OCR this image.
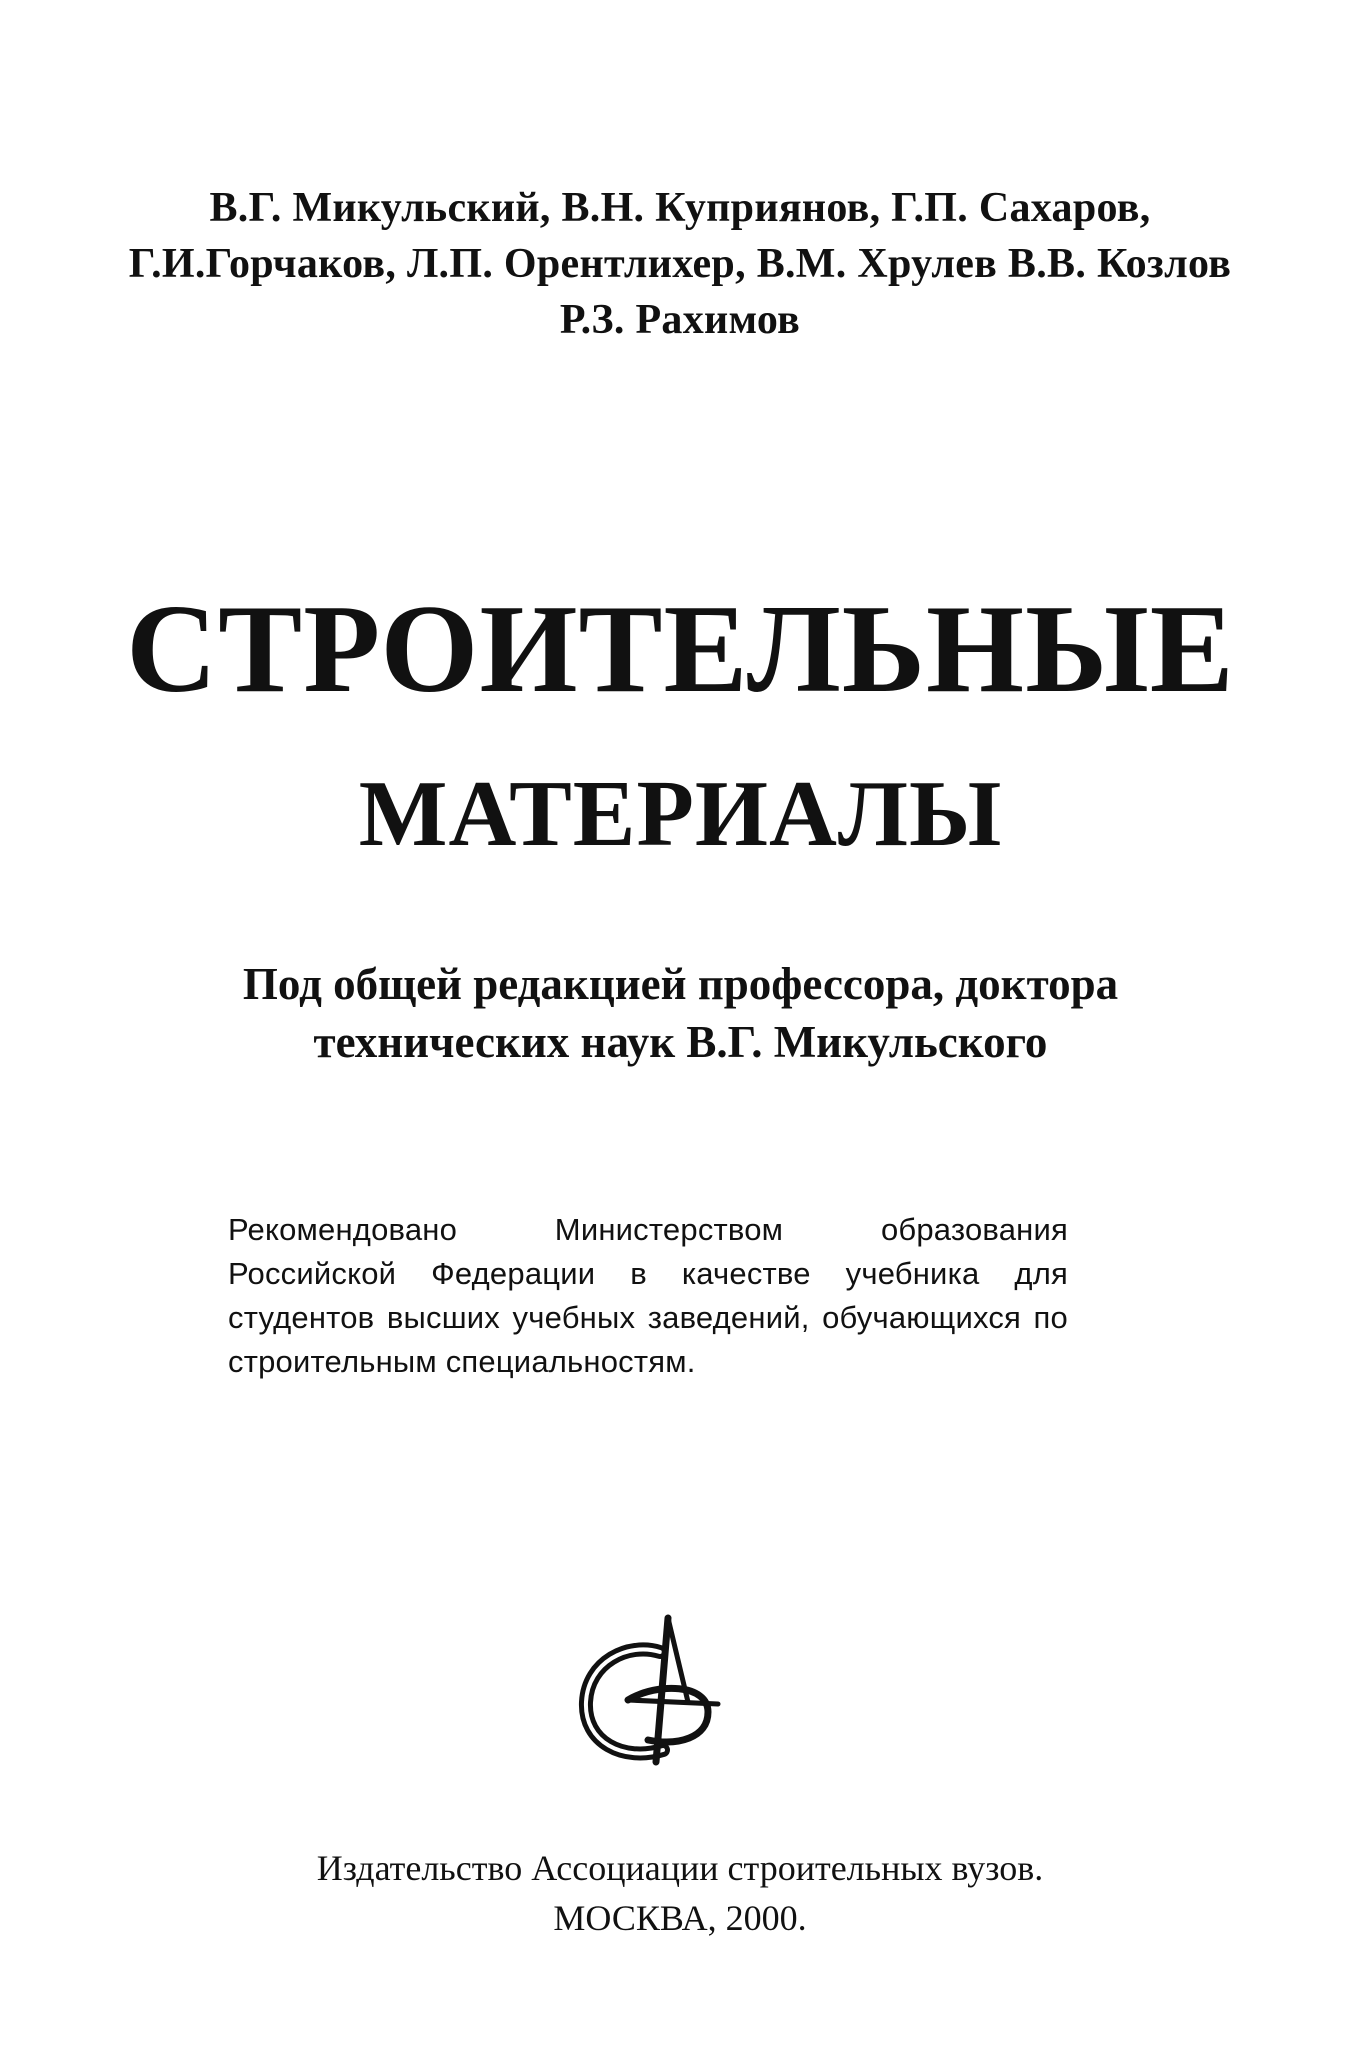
В.Г. Микульский, В.Н. Куприянов, Г.П. Сахаров,
Г.И.Горчаков, Л.П. Орентлихер, В.М. Хрулев В.В. Козлов
Р.З. Рахимов
СТРОИТЕЛЬНЫЕ
МАТЕРИАЛЫ
Под общей редакцией профессора, доктора
технических наук В.Г. Микульского
Рекомендовано Министерством образования
Российской Федерации в качестве учебника для
студентов высших учебных заведений, обучающихся по
строительным специальностям.
Издательство Ассоциации строительных вузов.
МОСКВА, 2000.
